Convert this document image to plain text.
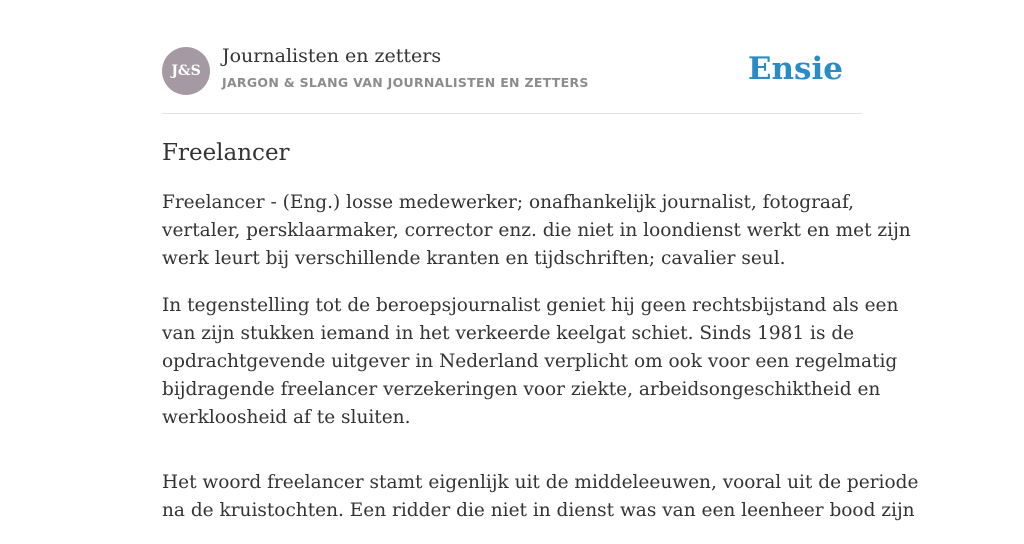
J&S
Journalisten en zetters
JARGON & SLANG VAN JOURNALISTEN EN ZETTERS	Ensie
Freelancer

Freelancer - (Eng.) losse medewerker; onafhankelijk journalist, fotograaf,
vertaler, persklaarmaker, corrector enz. die niet in loondienst werkt en met zijn
werk leurt bij verschillende kranten en tijdschriften; cavalier seul.

In tegenstelling tot de beroepsjournalist geniet hij geen rechtsbijstand als een
van zijn stukken iemand in het verkeerde keelgat schiet. Sinds 1981 is de
opdrachtgevende uitgever in Nederland verplicht om ook voor een regelmatig
bijdragende freelancer verzekeringen voor ziekte, arbeidsongeschiktheid en
werkloosheid af te sluiten.

Het woord freelancer stamt eigenlijk uit de middeleeuwen, vooral uit de periode
na de kruistochten. Een ridder die niet in dienst was van een leenheer bood zijn
